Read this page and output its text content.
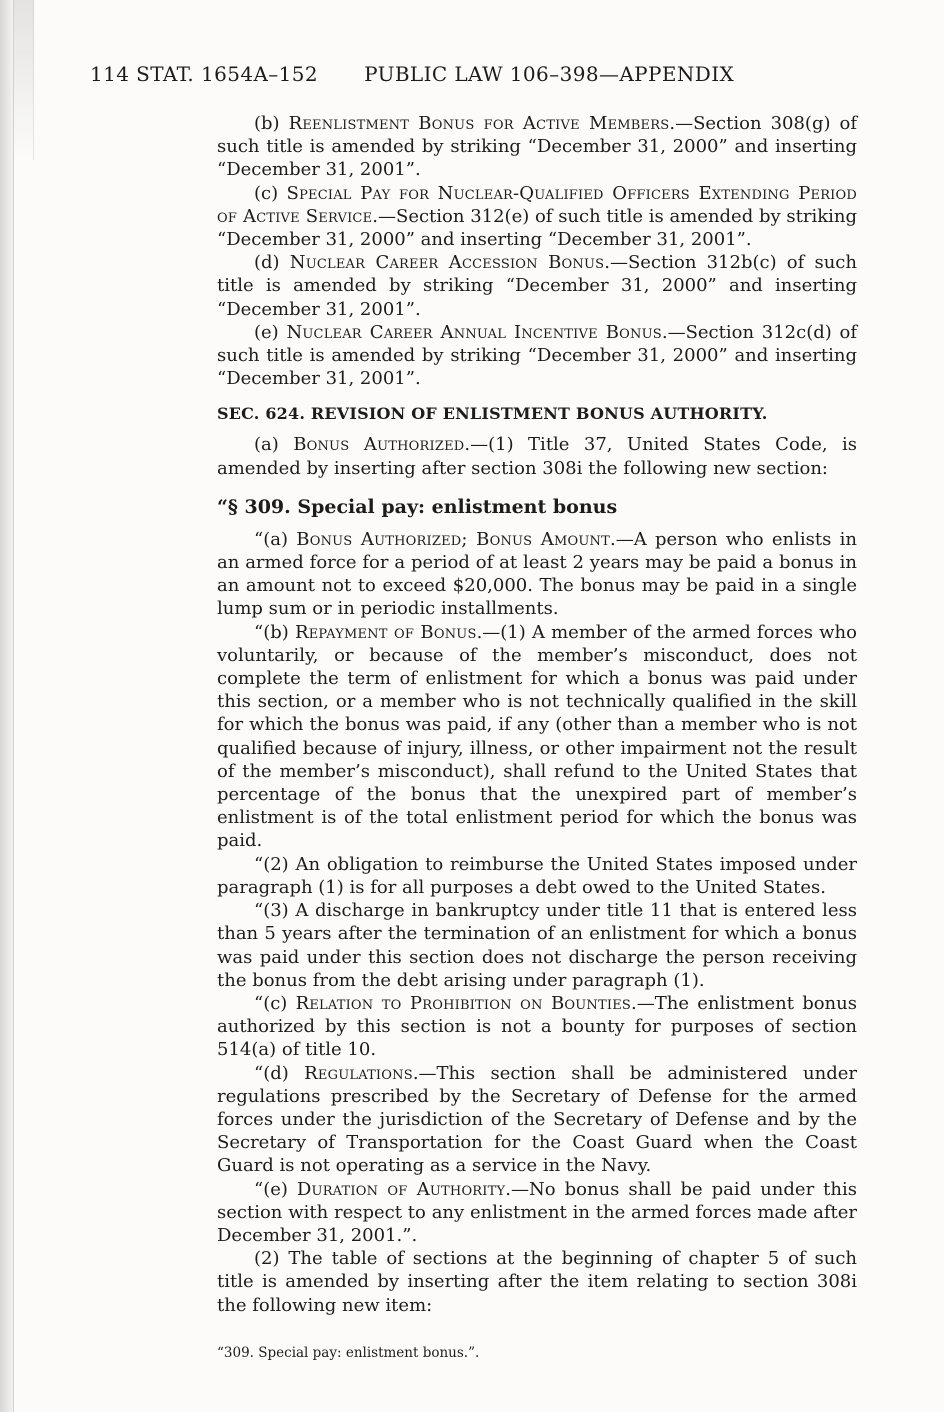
114 STAT. 1654A–152 PUBLIC LAW 106–398—APPENDIX

(b) Reenlistment Bonus for Active Members.—Section 308(g) of such title is amended by striking “December 31, 2000” and inserting “December 31, 2001”.

(c) Special Pay for Nuclear-Qualified Officers Extending Period of Active Service.—Section 312(e) of such title is amended by striking “December 31, 2000” and inserting “December 31, 2001”.

(d) Nuclear Career Accession Bonus.—Section 312b(c) of such title is amended by striking “December 31, 2000” and inserting “December 31, 2001”.

(e) Nuclear Career Annual Incentive Bonus.—Section 312c(d) of such title is amended by striking “December 31, 2000” and inserting “December 31, 2001”.

SEC. 624. REVISION OF ENLISTMENT BONUS AUTHORITY.

(a) Bonus Authorized.—(1) Title 37, United States Code, is amended by inserting after section 308i the following new section:

“§ 309. Special pay: enlistment bonus

“(a) Bonus Authorized; Bonus Amount.—A person who enlists in an armed force for a period of at least 2 years may be paid a bonus in an amount not to exceed $20,000. The bonus may be paid in a single lump sum or in periodic installments.

“(b) Repayment of Bonus.—(1) A member of the armed forces who voluntarily, or because of the member’s misconduct, does not complete the term of enlistment for which a bonus was paid under this section, or a member who is not technically qualified in the skill for which the bonus was paid, if any (other than a member who is not qualified because of injury, illness, or other impairment not the result of the member’s misconduct), shall refund to the United States that percentage of the bonus that the unexpired part of member’s enlistment is of the total enlistment period for which the bonus was paid.

“(2) An obligation to reimburse the United States imposed under paragraph (1) is for all purposes a debt owed to the United States.

“(3) A discharge in bankruptcy under title 11 that is entered less than 5 years after the termination of an enlistment for which a bonus was paid under this section does not discharge the person receiving the bonus from the debt arising under paragraph (1).

“(c) Relation to Prohibition on Bounties.—The enlistment bonus authorized by this section is not a bounty for purposes of section 514(a) of title 10.

“(d) Regulations.—This section shall be administered under regulations prescribed by the Secretary of Defense for the armed forces under the jurisdiction of the Secretary of Defense and by the Secretary of Transportation for the Coast Guard when the Coast Guard is not operating as a service in the Navy.

“(e) Duration of Authority.—No bonus shall be paid under this section with respect to any enlistment in the armed forces made after December 31, 2001.”.

(2) The table of sections at the beginning of chapter 5 of such title is amended by inserting after the item relating to section 308i the following new item:

“309. Special pay: enlistment bonus.”.
